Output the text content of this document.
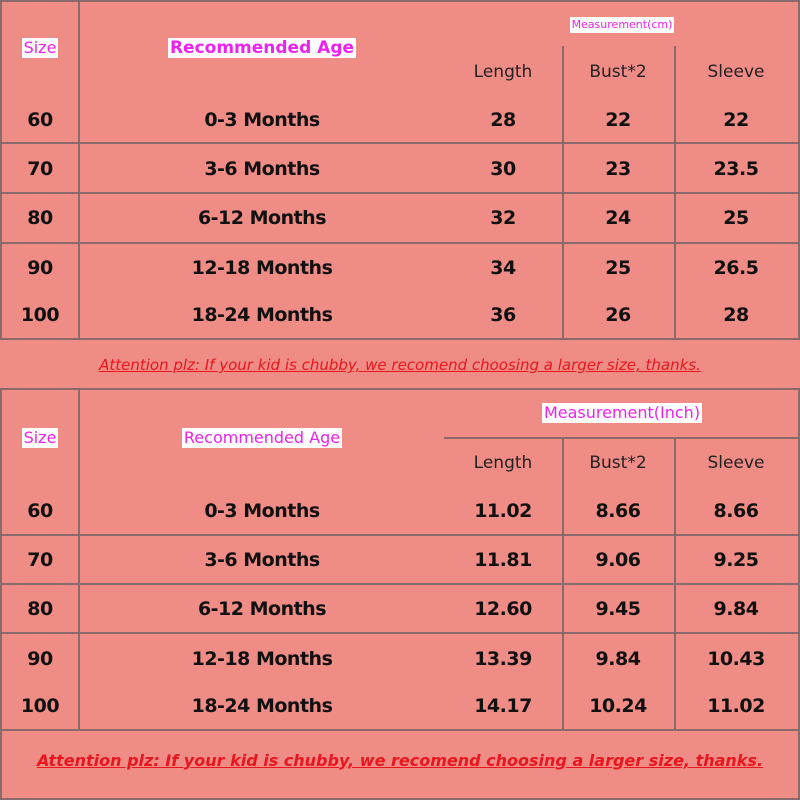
Size	Recommended Age
Measurement(cm)
Length	Bust*2	Sleeve
60	0-3 Months	28	22	22
70	3-6 Months	30	23	23.5
80	6-12 Months	32	24	25
90	12-18 Months	34	25	26.5
100	18-24 Months	36	26	28
Attention plz: If your kid is chubby, we recomend choosing a larger size, thanks.
Size	Recommended Age
Measurement(Inch)
Length	Bust*2	Sleeve
60	0-3 Months	11.02	8.66	8.66
70	3-6 Months	11.81	9.06	9.25
80	6-12 Months	12.60	9.45	9.84
90	12-18 Months	13.39	9.84	10.43
100	18-24 Months	14.17	10.24	11.02
Attention plz: If your kid is chubby, we recomend choosing a larger size, thanks.
